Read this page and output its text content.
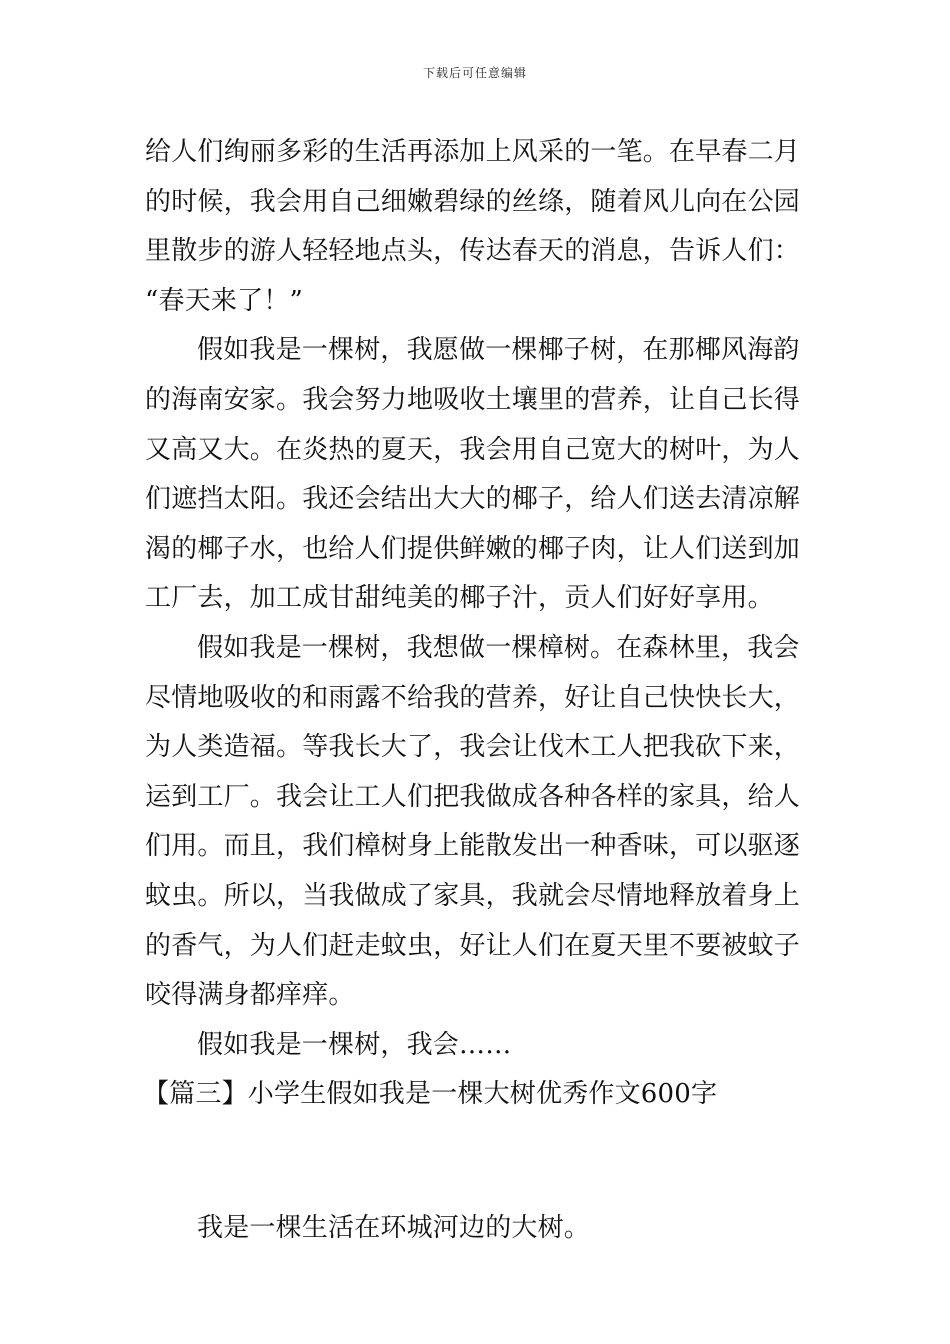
下载后可任意编辑
给人们绚丽多彩的生活再添加上风采的一笔。在早春二月
的时候，我会用自己细嫩碧绿的丝绦，随着风儿向在公园
里散步的游人轻轻地点头，传达春天的消息，告诉人们：
“春天来了！”
假如我是一棵树，我愿做一棵椰子树，在那椰风海韵
的海南安家。我会努力地吸收土壤里的营养，让自己长得
又高又大。在炎热的夏天，我会用自己宽大的树叶，为人
们遮挡太阳。我还会结出大大的椰子，给人们送去清凉解
渴的椰子水，也给人们提供鲜嫩的椰子肉，让人们送到加
工厂去，加工成甘甜纯美的椰子汁，贡人们好好享用。
假如我是一棵树，我想做一棵樟树。在森林里，我会
尽情地吸收的和雨露不给我的营养，好让自己快快长大，
为人类造福。等我长大了，我会让伐木工人把我砍下来，
运到工厂。我会让工人们把我做成各种各样的家具，给人
们用。而且，我们樟树身上能散发出一种香味，可以驱逐
蚊虫。所以，当我做成了家具，我就会尽情地释放着身上
的香气，为人们赶走蚊虫，好让人们在夏天里不要被蚊子
咬得满身都痒痒。
假如我是一棵树，我会……
【篇三】小学生假如我是一棵大树优秀作文600字
我是一棵生活在环城河边的大树。
